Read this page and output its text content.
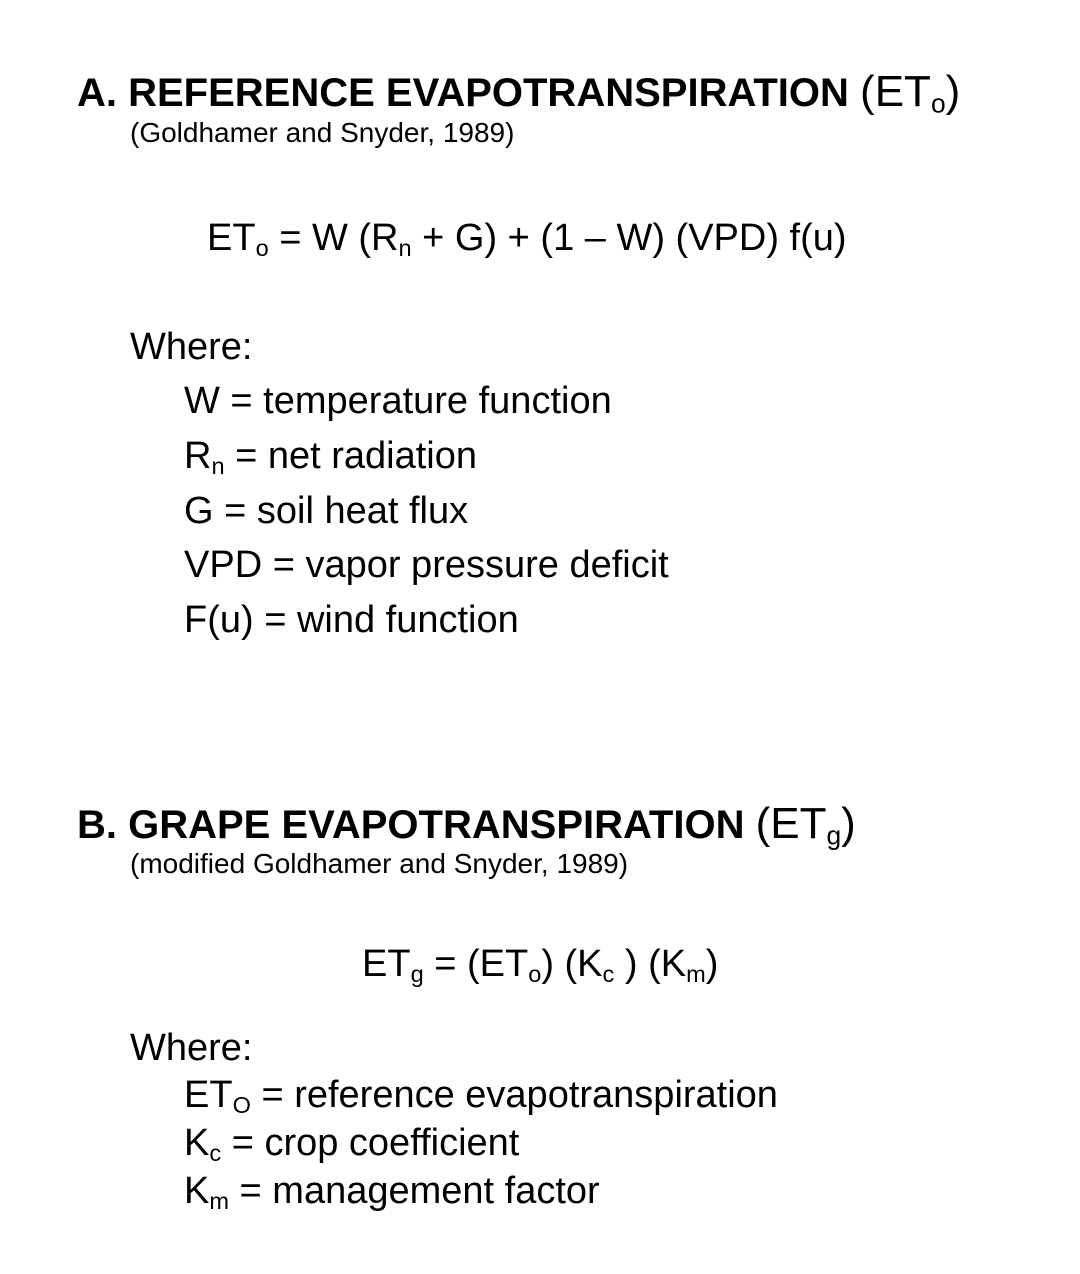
A. REFERENCE EVAPOTRANSPIRATION $(ET_o)$
(Goldhamer and Snyder, 1989)
$ET_o = W$ $(R_n + G) + (1 - W)$ (VPD) f(u)
Where:
W = temperature function
$R_n$ = net radiation
G = soil heat flux
VPD = vapor pressure deficit
F(u) = wind function
B. GRAPE EVAPOTRANSPIRATION $(ET_g)$
(modified Goldhamer and Snyder, 1989)
$ET_g = (ET_o)$ ($K_c$ ) $(K_m)$
Where:
$ET_O$ = reference evapotranspiration
$K_c$ = crop coefficient
$K_m$ = management factor
